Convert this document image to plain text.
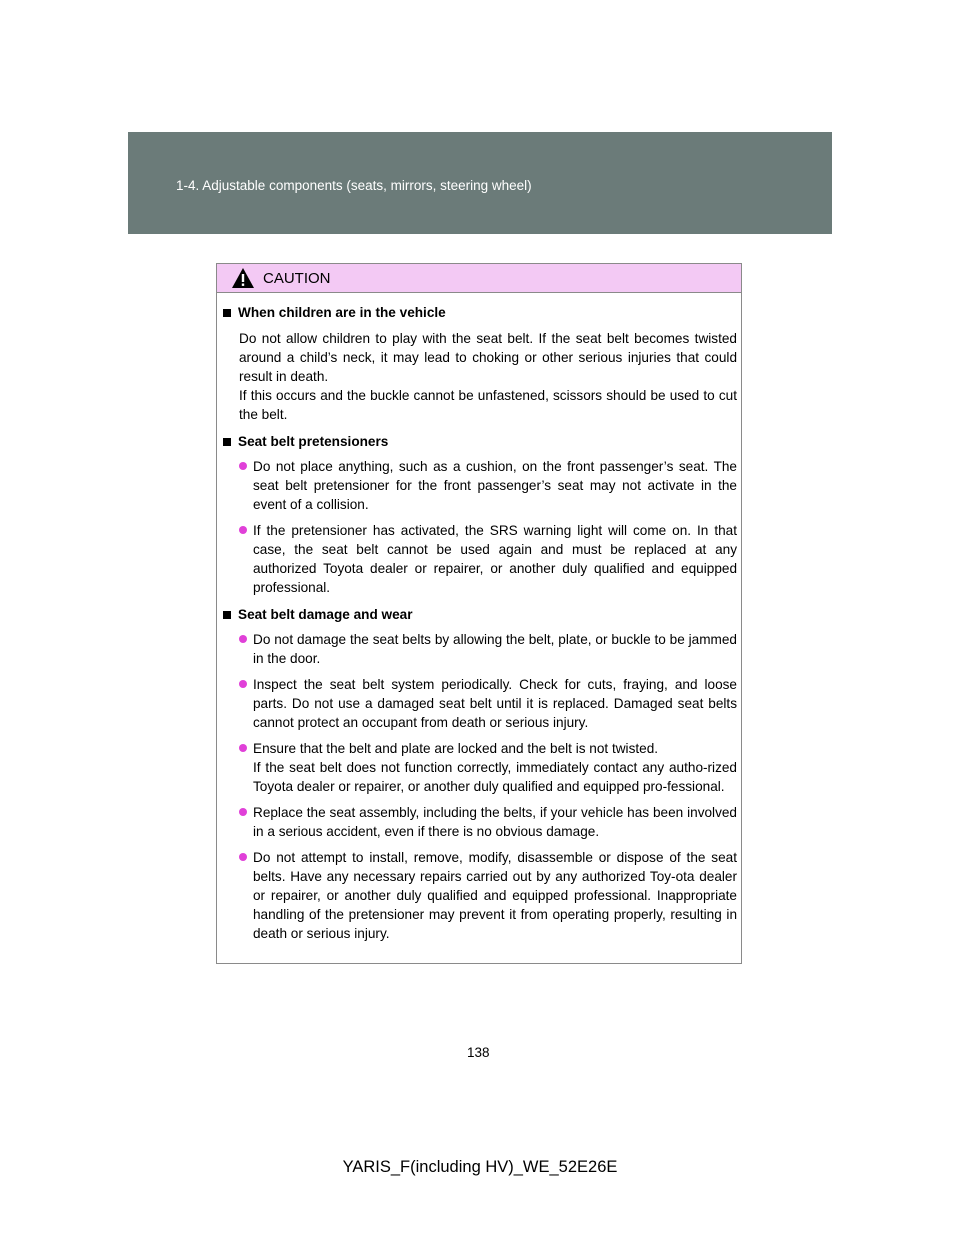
1-4. Adjustable components (seats, mirrors, steering wheel)
CAUTION
When children are in the vehicle
Do not allow children to play with the seat belt. If the seat belt becomes twisted around a child’s neck, it may lead to choking or other serious injuries that could result in death.
If this occurs and the buckle cannot be unfastened, scissors should be used to cut the belt.
Seat belt pretensioners
Do not place anything, such as a cushion, on the front passenger’s seat. The seat belt pretensioner for the front passenger’s seat may not activate in the event of a collision.
If the pretensioner has activated, the SRS warning light will come on. In that case, the seat belt cannot be used again and must be replaced at any authorized Toyota dealer or repairer, or another duly qualified and equipped professional.
Seat belt damage and wear
Do not damage the seat belts by allowing the belt, plate, or buckle to be jammed in the door.
Inspect the seat belt system periodically. Check for cuts, fraying, and loose parts. Do not use a damaged seat belt until it is replaced. Damaged seat belts cannot protect an occupant from death or serious injury.
Ensure that the belt and plate are locked and the belt is not twisted.
If the seat belt does not function correctly, immediately contact any autho-rized Toyota dealer or repairer, or another duly qualified and equipped pro-fessional.
Replace the seat assembly, including the belts, if your vehicle has been involved in a serious accident, even if there is no obvious damage.
Do not attempt to install, remove, modify, disassemble or dispose of the seat belts. Have any necessary repairs carried out by any authorized Toy-ota dealer or repairer, or another duly qualified and equipped professional. Inappropriate handling of the pretensioner may prevent it from operating properly, resulting in death or serious injury.
138
YARIS_F(including HV)_WE_52E26E
